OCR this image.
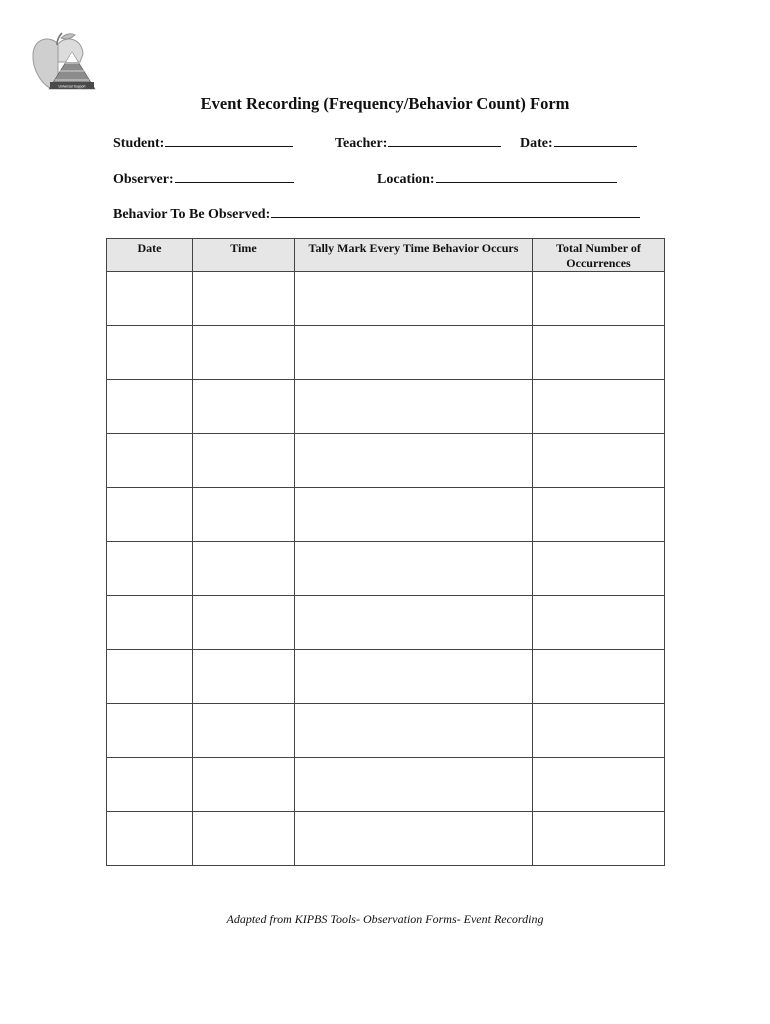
Universal Support
Event Recording (Frequency/Behavior Count) Form
Student:	Teacher:	Date:
Observer:	Location:
Behavior To Be Observed:
Date	Time	Tally Mark Every Time Behavior Occurs	Total Number of Occurrences

Adapted from KIPBS Tools- Observation Forms- Event Recording
